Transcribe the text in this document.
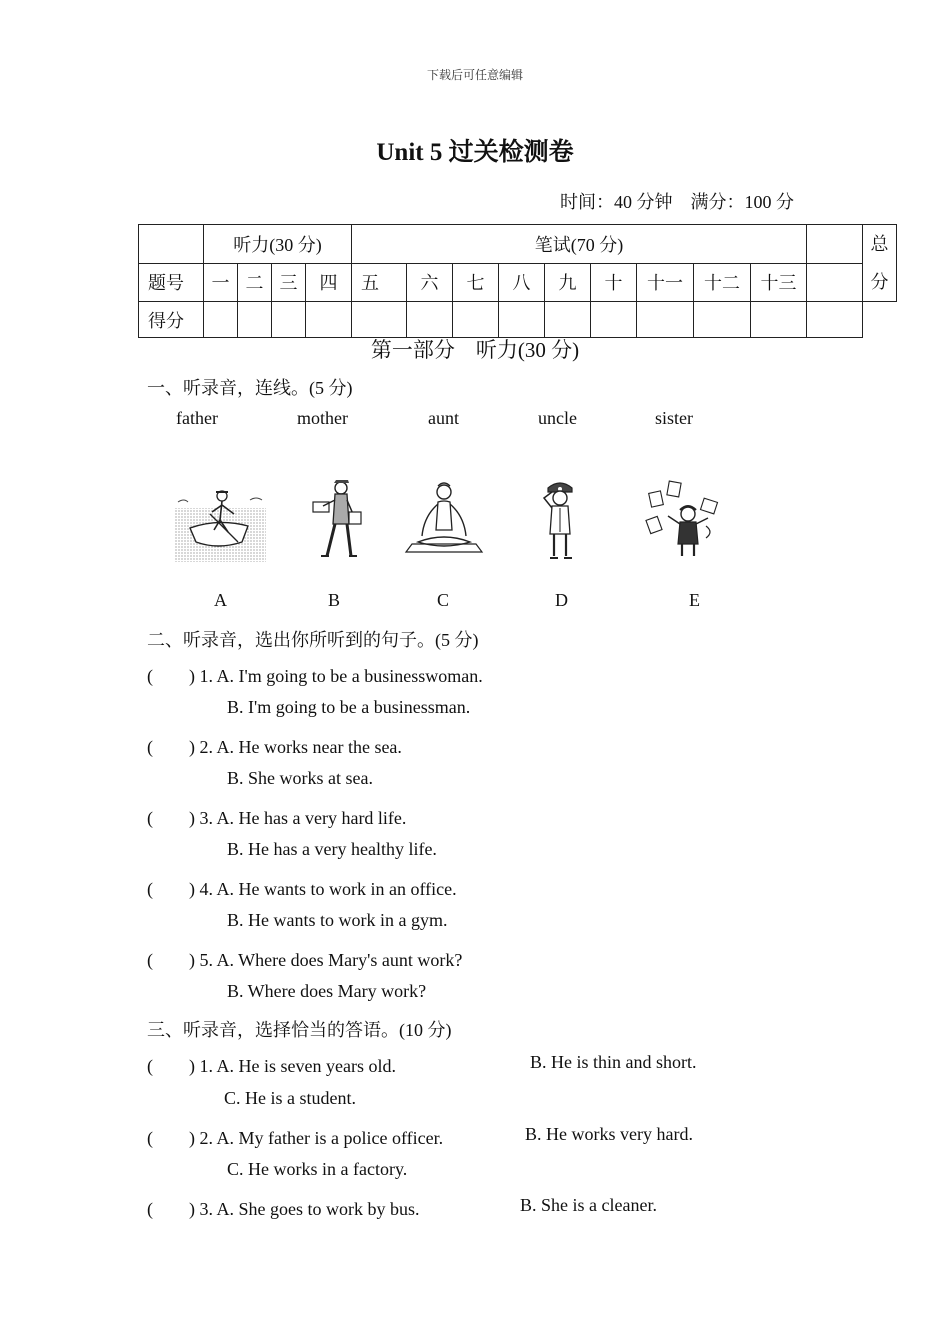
下载后可任意编辑
Unit 5 过关检测卷
时间：40 分钟　满分：100 分
	听力(30 分)				笔试(70 分)										总
分
题号	一	二	三	四	五	六	七	八	九	十	十一	十二	十三		
得分															
第一部分　听力(30 分)
一、听录音，连线。(5 分)
father	mother	aunt	uncle	sister
A	B	C	D	E
二、听录音，选出你所听到的句子。(5 分)
(　　) 1. A. I'm going to be a businesswoman.
B. I'm going to be a businessman.
(　　) 2. A. He works near the sea.
B. She works at sea.
(　　) 3. A. He has a very hard life.
B. He has a very healthy life.
(　　) 4. A. He wants to work in an office.
B. He wants to work in a gym.
(　　) 5. A. Where does Mary's aunt work?
B. Where does Mary work?
三、听录音，选择恰当的答语。(10 分)
(　　) 1. A. He is seven years old.	B. He is thin and short.
C. He is a student.
(　　) 2. A. My father is a police officer.	B. He works very hard.
C. He works in a factory.
(　　) 3. A. She goes to work by bus.	B. She is a cleaner.
